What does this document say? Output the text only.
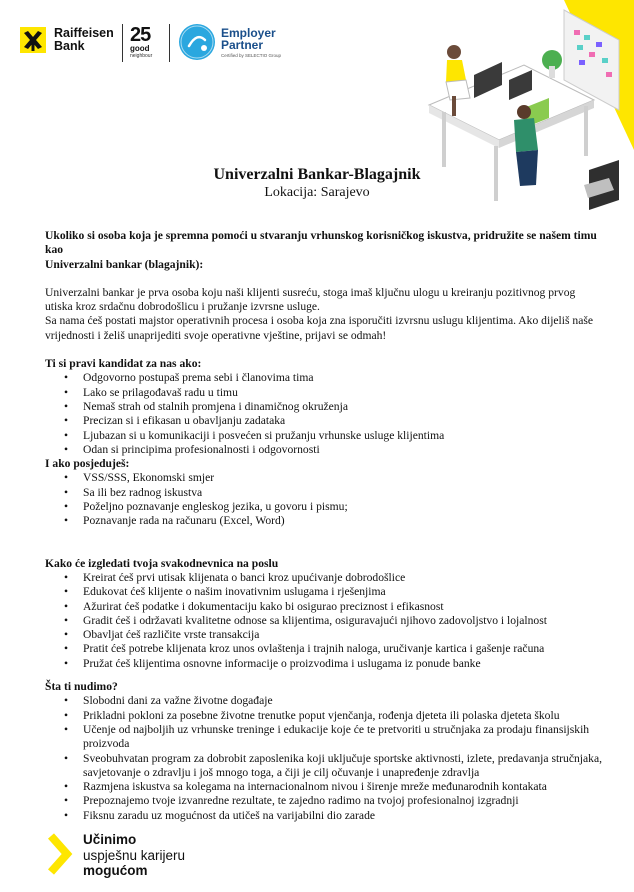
Raiffeisen
Bank	25
good
neighbour
Employer
Partner
Certified by SELECTIO Group
Univerzalni Bankar-Blagajnik
Lokacija: Sarajevo

Ukoliko si osoba koja je spremna pomoći u stvaranju vrhunskog korisničkog iskustva, pridružite se našem timu kao

Univerzalni bankar (blagajnik):

Univerzalni bankar je prva osoba koju naši klijenti susreću, stoga imaš ključnu ulogu u kreiranju pozitivnog prvog utiska kroz srdačnu dobrodošlicu i pružanje izvrsne usluge.

Sa nama ćeš postati majstor operativnih procesa i osoba koja zna isporučiti izvrsnu uslugu klijentima. Ako dijeliš naše vrijednosti i želiš unaprijediti svoje operativne vještine, prijavi se odmah!

Ti si pravi kandidat za nas ako:

• Odgovorno postupaš prema sebi i članovima tima
• Lako se prilagođavaš radu u timu
• Nemaš strah od stalnih promjena i dinamičnog okruženja
• Precizan si i efikasan u obavljanju zadataka
• Ljubazan si u komunikaciji i posvećen si pružanju vrhunske usluge klijentima
• Odan si principima profesionalnosti i odgovornosti

I ako posjeduješ:

• VSS/SSS, Ekonomski smjer
• Sa ili bez radnog iskustva
• Poželjno poznavanje engleskog jezika, u govoru i pismu;
• Poznavanje rada na računaru (Excel, Word)

Kako će izgledati tvoja svakodnevnica na poslu

• Kreirat ćeš prvi utisak klijenata o banci kroz upućivanje dobrodošlice
• Edukovat ćeš klijente o našim inovativnim uslugama i rješenjima
• Ažurirat ćeš podatke i dokumentaciju kako bi osigurao preciznost i efikasnost
• Gradit ćeš i održavati kvalitetne odnose sa klijentima, osiguravajući njihovo zadovoljstvo i lojalnost
• Obavljat ćeš različite vrste transakcija
• Pratit ćeš potrebe klijenata kroz unos ovlaštenja i trajnih naloga, uručivanje kartica i gašenje računa
• Pružat ćeš klijentima osnovne informacije o proizvodima i uslugama iz ponude banke

Šta ti nudimo?

• Slobodni dani za važne životne događaje
• Prikladni pokloni za posebne životne trenutke poput vjenčanja, rođenja djeteta ili polaska djeteta školu
• Učenje od najboljih uz vrhunske treninge i edukacije koje će te pretvoriti u stručnjaka za prodaju finansijskih proizvoda
• Sveobuhvatan program za dobrobit zaposlenika koji uključuje sportske aktivnosti, izlete, predavanja stručnjaka, savjetovanje o zdravlju i još mnogo toga, a čiji je cilj očuvanje i unapređenje zdravlja
• Razmjena iskustva sa kolegama na internacionalnom nivou i širenje mreže međunarodnih kontakata
• Prepoznajemo tvoje izvanredne rezultate, te zajedno radimo na tvojoj profesionalnoj izgradnji
• Fiksnu zaradu uz mogućnost da utičeš na varijabilni dio zarade
Učinimo
uspješnu karijeru
mogućom
